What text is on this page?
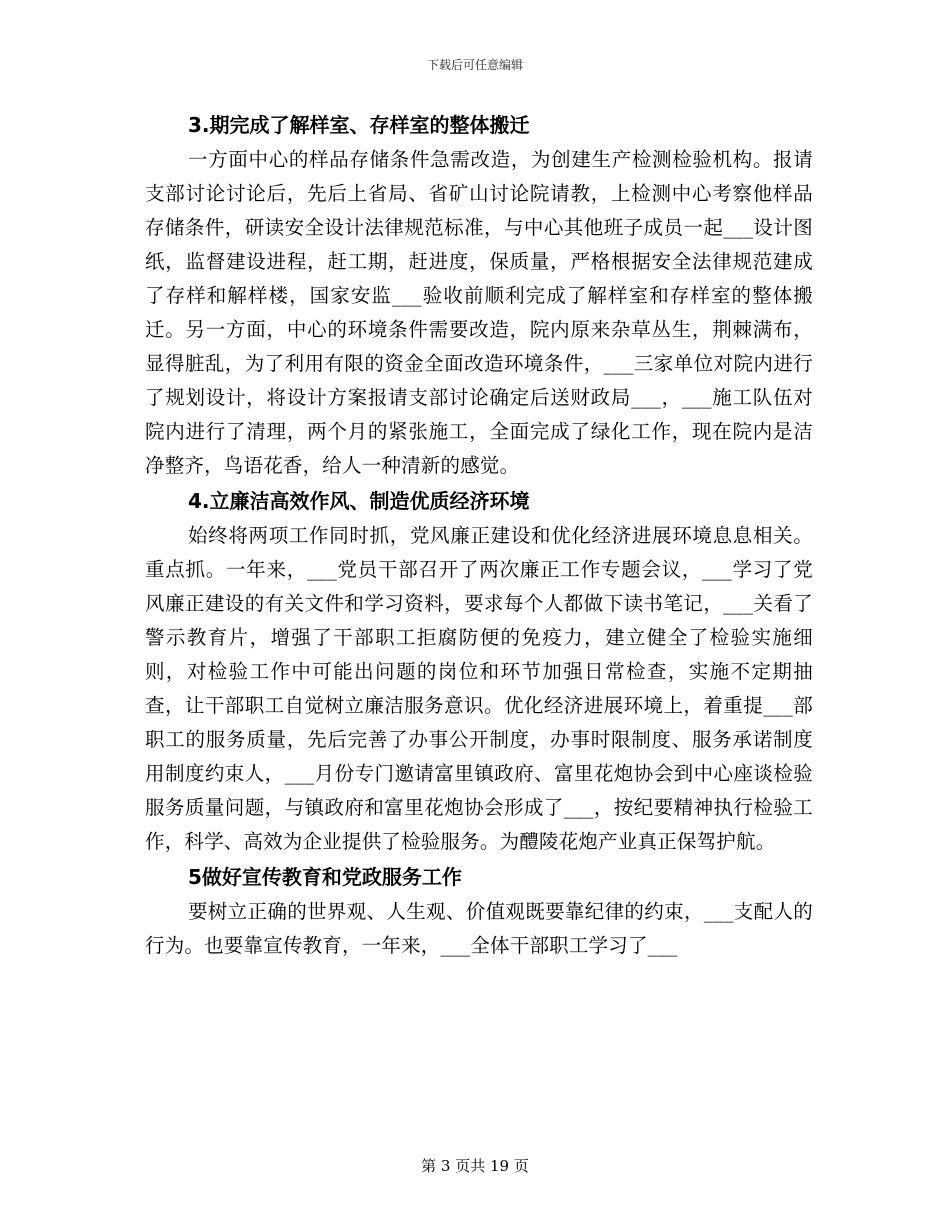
下载后可任意编辑
3.期完成了解样室、存样室的整体搬迁

一方面中心的样品存储条件急需改造，为创建生产检测检验机构。报请支部讨论讨论后，先后上省局、省矿山讨论院请教，上检测中心考察他样品存储条件，研读安全设计法律规范标准，与中心其他班子成员一起___设计图纸，监督建设进程，赶工期，赶进度，保质量，严格根据安全法律规范建成了存样和解样楼，国家安监___验收前顺利完成了解样室和存样室的整体搬迁。另一方面，中心的环境条件需要改造，院内原来杂草丛生，荆棘满布，显得脏乱，为了利用有限的资金全面改造环境条件，___三家单位对院内进行了规划设计，将设计方案报请支部讨论确定后送财政局___，___施工队伍对院内进行了清理，两个月的紧张施工，全面完成了绿化工作，现在院内是洁净整齐，鸟语花香，给人一种清新的感觉。

4.立廉洁高效作风、制造优质经济环境

始终将两项工作同时抓，党风廉正建设和优化经济进展环境息息相关。重点抓。一年来，___党员干部召开了两次廉正工作专题会议，___学习了党风廉正建设的有关文件和学习资料，要求每个人都做下读书笔记，___关看了警示教育片，增强了干部职工拒腐防便的免疫力，建立健全了检验实施细则，对检验工作中可能出问题的岗位和环节加强日常检查，实施不定期抽查，让干部职工自觉树立廉洁服务意识。优化经济进展环境上，着重提___部职工的服务质量，先后完善了办事公开制度，办事时限制度、服务承诺制度用制度约束人，___月份专门邀请富里镇政府、富里花炮协会到中心座谈检验服务质量问题，与镇政府和富里花炮协会形成了___，按纪要精神执行检验工作，科学、高效为企业提供了检验服务。为醴陵花炮产业真正保驾护航。

5做好宣传教育和党政服务工作

要树立正确的世界观、人生观、价值观既要靠纪律的约束，___支配人的行为。也要靠宣传教育，一年来，___全体干部职工学习了___

第 3 页共 19 页
